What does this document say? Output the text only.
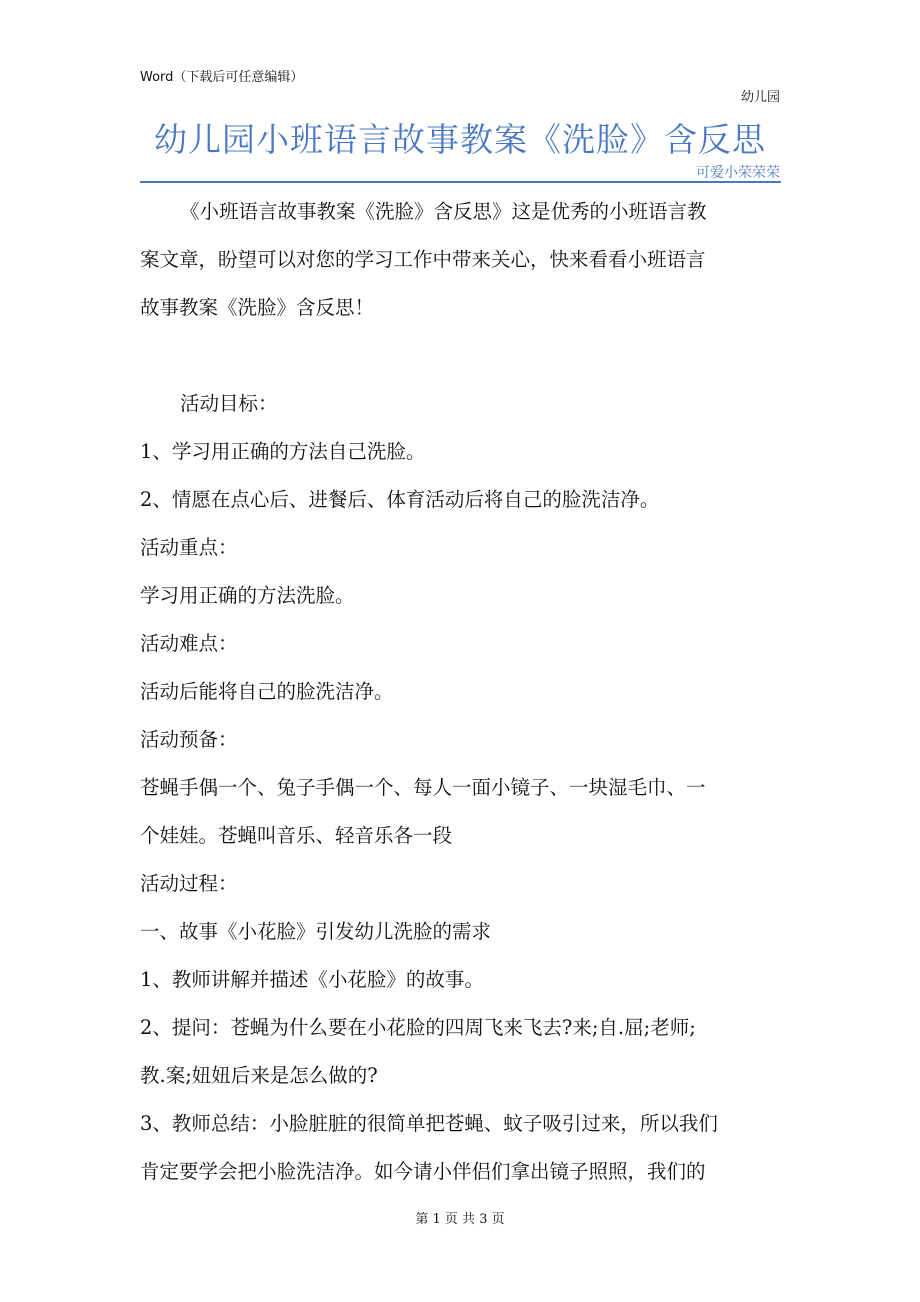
Word（下载后可任意编辑）
幼儿园
幼儿园小班语言故事教案《洗脸》含反思
可爱小荣荣荣
《小班语言故事教案《洗脸》含反思》这是优秀的小班语言教
案文章，盼望可以对您的学习工作中带来关心，快来看看小班语言
故事教案《洗脸》含反思！
活动目标：
1、学习用正确的方法自己洗脸。
2、情愿在点心后、进餐后、体育活动后将自己的脸洗洁净。
活动重点：
学习用正确的方法洗脸。
活动难点：
活动后能将自己的脸洗洁净。
活动预备：
苍蝇手偶一个、兔子手偶一个、每人一面小镜子、一块湿毛巾、一
个娃娃。苍蝇叫音乐、轻音乐各一段
活动过程：
一、故事《小花脸》引发幼儿洗脸的需求
1、教师讲解并描述《小花脸》的故事。
2、提问：苍蝇为什么要在小花脸的四周飞来飞去?来;自.屈;老师;
教.案;妞妞后来是怎么做的?
3、教师总结：小脸脏脏的很简单把苍蝇、蚊子吸引过来，所以我们
肯定要学会把小脸洗洁净。如今请小伴侣们拿出镜子照照，我们的
第 1 页 共 3 页
